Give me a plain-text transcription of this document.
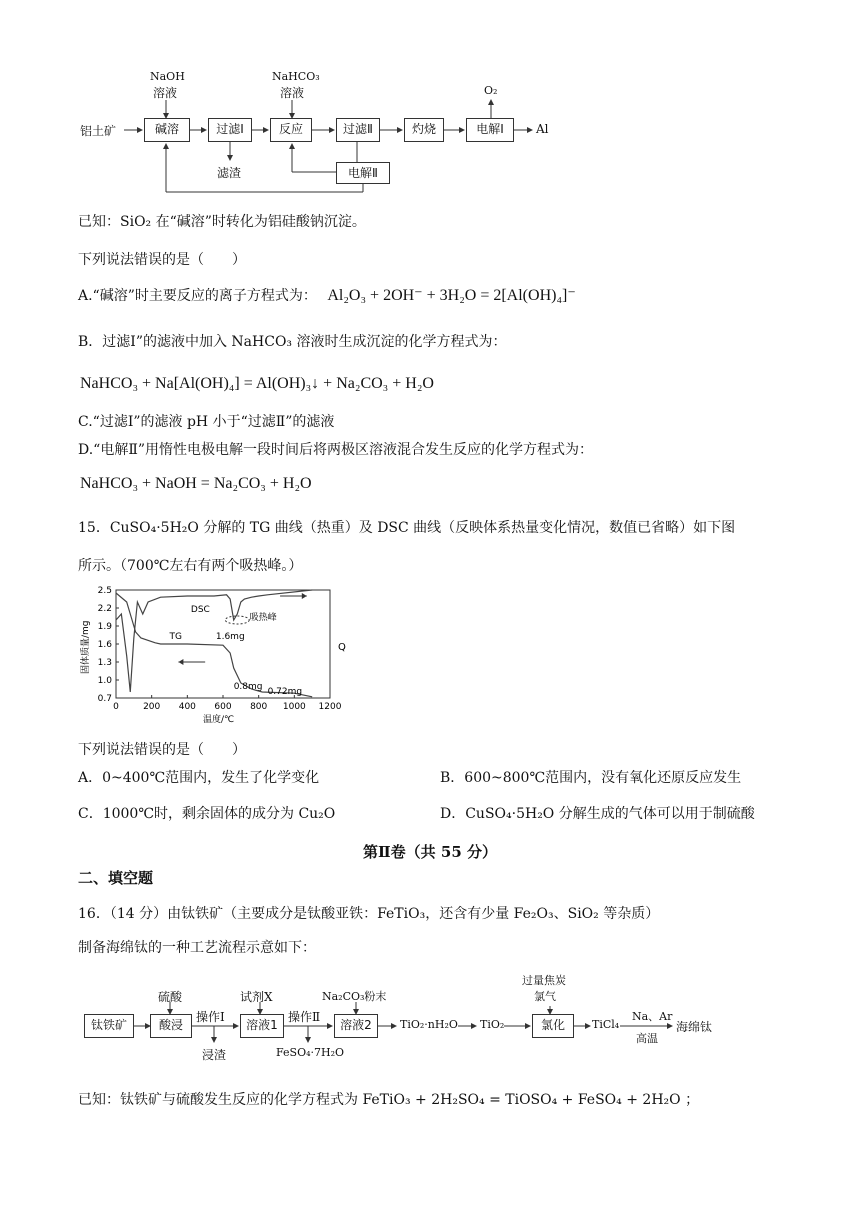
铝土矿
NaOH
溶液
NaHCO₃
溶液	O₂
碱溶	过滤Ⅰ	反应	过滤Ⅱ	灼烧	电解Ⅰ	Al
滤渣	电解Ⅱ
已知：SiO₂ 在“碱溶”时转化为铝硅酸钠沉淀。
下列说法错误的是（　　）
A.“碱溶”时主要反应的离子方程式为： Al₂O₃ + 2OH⁻ + 3H₂O = 2[Al(OH)₄]⁻
B．过滤Ⅰ”的滤液中加入 NaHCO₃ 溶液时生成沉淀的化学方程式为：
NaHCO₃ + Na[Al(OH)₄] = Al(OH)₃↓ + Na₂CO₃ + H₂O
C.“过滤Ⅰ”的滤液 pH 小于“过滤Ⅱ”的滤液
D.“电解Ⅱ”用惰性电极电解一段时间后将两极区溶液混合发生反应的化学方程式为：
NaHCO₃ + NaOH = Na₂CO₃ + H₂O
15．CuSO₄·5H₂O 分解的 TG 曲线（热重）及 DSC 曲线（反映体系热量变化情况，数值已省略）如下图
所示。（700℃左右有两个吸热峰。）
0	200 400 600 800 1000 1200
0.7
1.0
1.3
1.6
1.9
2.2
2.5
温度/℃
固体质量/mg	Q
DSC
TG	1.6mg
0.8mg 0.72mg
吸热峰
下列说法错误的是（　　）
A．0~400℃范围内，发生了化学变化	B．600~800℃范围内，没有氧化还原反应发生
C．1000℃时，剩余固体的成分为 Cu₂O	D．CuSO₄·5H₂O 分解生成的气体可以用于制硫酸
第Ⅱ卷（共 55 分）
二、填空题
16．（14 分）由钛铁矿（主要成分是钛酸亚铁：FeTiO₃，还含有少量 Fe₂O₃、SiO₂ 等杂质）
制备海绵钛的一种工艺流程示意如下：
钛铁矿
硫酸
酸浸
操作Ⅰ
浸渣
试剂X
溶液1
操作Ⅱ
FeSO₄·7H₂O
Na₂CO₃粉末
溶液2	TiO₂·nH₂O TiO₂
过量焦炭
氯气
氯化	TiCl₄
Na、Ar
高温
海绵钛
已知：钛铁矿与硫酸发生反应的化学方程式为 FeTiO₃ + 2H₂SO₄ = TiOSO₄ + FeSO₄ + 2H₂O ；
